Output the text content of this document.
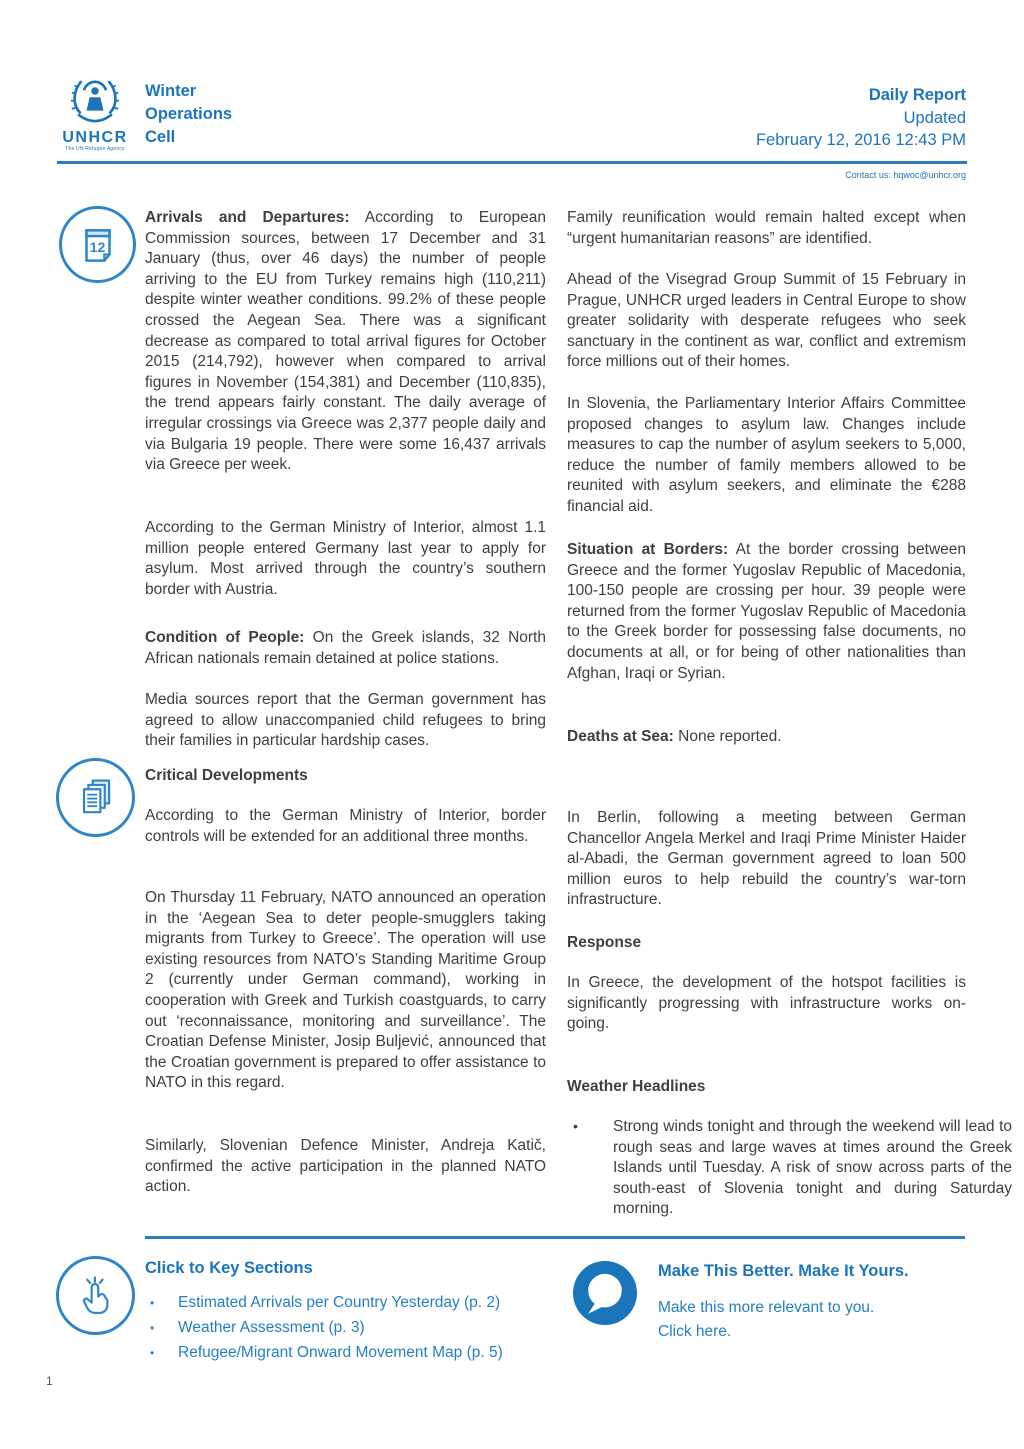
UNHCR
The UN Refugee Agency
Winter
Operations
Cell
Daily Report
Updated
February 12, 2016 12:43 PM
Contact us: hqwoc@unhcr.org
12

Arrivals and Departures: According to European Commission sources, between 17 December and 31 January (thus, over 46 days) the number of people arriving to the EU from Turkey remains high (110,211) despite winter weather conditions. 99.2% of these people crossed the Aegean Sea. There was a significant decrease as compared to total arrival figures for October 2015 (214,792), however when compared to arrival figures in November (154,381) and December (110,835), the trend appears fairly constant. The daily average of irregular crossings via Greece was 2,377 people daily and via Bulgaria 19 people. There were some 16,437 arrivals via Greece per week.

According to the German Ministry of Interior, almost 1.1 million people entered Germany last year to apply for asylum. Most arrived through the country’s southern border with Austria.

Condition of People: On the Greek islands, 32 North African nationals remain detained at police stations.

Media sources report that the German government has agreed to allow unaccompanied child refugees to bring their families in particular hardship cases.

Critical Developments

According to the German Ministry of Interior, border controls will be extended for an additional three months.

On Thursday 11 February, NATO announced an operation in the ‘Aegean Sea to deter people-smugglers taking migrants from Turkey to Greece’. The operation will use existing resources from NATO’s Standing Maritime Group 2 (currently under German command), working in cooperation with Greek and Turkish coastguards, to carry out ‘reconnaissance, monitoring and surveillance’. The Croatian Defense Minister, Josip Buljević, announced that the Croatian government is prepared to offer assistance to NATO in this regard.

Similarly, Slovenian Defence Minister, Andreja Katič, confirmed the active participation in the planned NATO action.

Family reunification would remain halted except when “urgent humanitarian reasons” are identified.

Ahead of the Visegrad Group Summit of 15 February in Prague, UNHCR urged leaders in Central Europe to show greater solidarity with desperate refugees who seek sanctuary in the continent as war, conflict and extremism force millions out of their homes.

In Slovenia, the Parliamentary Interior Affairs Committee proposed changes to asylum law. Changes include measures to cap the number of asylum seekers to 5,000, reduce the number of family members allowed to be reunited with asylum seekers, and eliminate the €288 financial aid.

Situation at Borders: At the border crossing between Greece and the former Yugoslav Republic of Macedonia, 100-150 people are crossing per hour. 39 people were returned from the former Yugoslav Republic of Macedonia to the Greek border for possessing false documents, no documents at all, or for being of other nationalities than Afghan, Iraqi or Syrian.

Deaths at Sea: None reported.

In Berlin, following a meeting between German Chancellor Angela Merkel and Iraqi Prime Minister Haider al-Abadi, the German government agreed to loan 500 million euros to help rebuild the country’s war-torn infrastructure.

Response

In Greece, the development of the hotspot facilities is significantly progressing with infrastructure works on-going.

Weather Headlines
• Strong winds tonight and through the weekend will lead to rough seas and large waves at times around the Greek Islands until Tuesday. A risk of snow across parts of the south-east of Slovenia tonight and during Saturday morning.
Click to Key Sections
• Estimated Arrivals per Country Yesterday (p. 2)
• Weather Assessment (p. 3)
• Refugee/Migrant Onward Movement Map (p. 5)
Make This Better. Make It Yours.
Make this more relevant to you.
Click here.
1
